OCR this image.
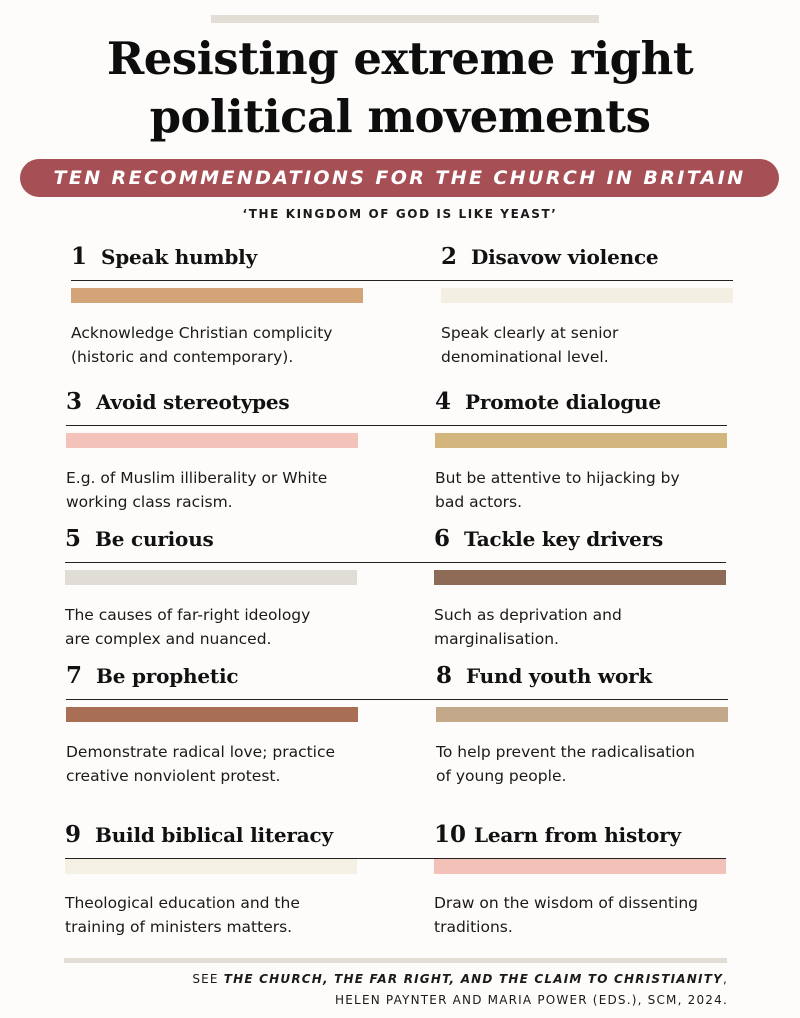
Resisting extreme right
political movements
TEN RECOMMENDATIONS FOR THE CHURCH IN BRITAIN
‘THE KINGDOM OF GOD IS LIKE YEAST’
1 Speak humbly
Acknowledge Christian complicity
(historic and contemporary).
2 Disavow violence
Speak clearly at senior
denominational level.
3 Avoid stereotypes
E.g. of Muslim illiberality or White
working class racism.
4 Promote dialogue
But be attentive to hijacking by
bad actors.
5 Be curious
The causes of far-right ideology
are complex and nuanced.
6 Tackle key drivers
Such as deprivation and
marginalisation.
7 Be prophetic
Demonstrate radical love; practice
creative nonviolent protest.
8 Fund youth work
To help prevent the radicalisation
of young people.
9 Build biblical literacy
Theological education and the
training of ministers matters.
10 Learn from history
Draw on the wisdom of dissenting
traditions.
SEE THE CHURCH, THE FAR RIGHT, AND THE CLAIM TO CHRISTIANITY,
HELEN PAYNTER AND MARIA POWER (EDS.), SCM, 2024.
